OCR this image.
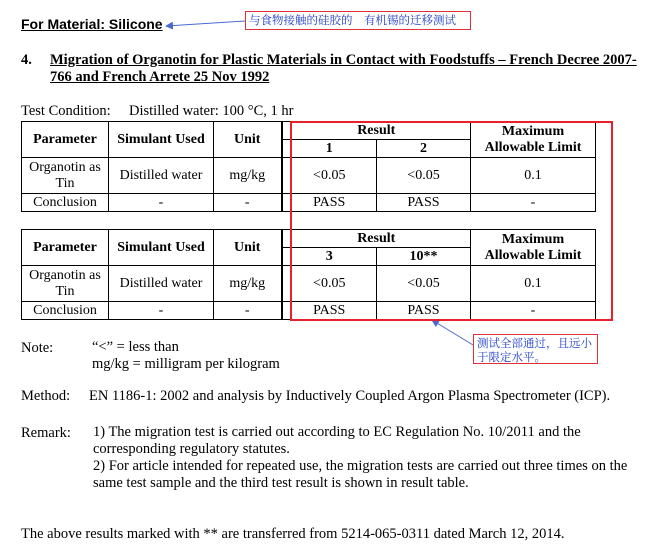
For Material: Silicone	与食物接触的硅胶的　有机锡的迁移测试
4. Migration of Organotin for Plastic Materials in Contact with Foodstuffs – French Decree 2007-766 and French Arrete 25 Nov 1992
Test Condition: Distilled water: 100 °C, 1 hr
Parameter	Simulant Used	Unit	Result		Maximum Allowable Limit
			1	2	
Organotin as Tin	Distilled water	mg/kg	<0.05	<0.05	0.1
Conclusion	-	-	PASS	PASS	-
Parameter	Simulant Used	Unit	Result		Maximum Allowable Limit
			3	10**	
Organotin as Tin	Distilled water	mg/kg	<0.05	<0.05	0.1
Conclusion	-	-	PASS	PASS	-
测试全部通过，且远小于限定水平。
Note:	“<” = less than
mg/kg = milligram per kilogram
Method: EN 1186-1: 2002 and analysis by Inductively Coupled Argon Plasma Spectrometer (ICP).
Remark: 1) The migration test is carried out according to EC Regulation No. 10/2011 and the corresponding regulatory statutes.
2) For article intended for repeated use, the migration tests are carried out three times on the same test sample and the third test result is shown in result table.
The above results marked with ** are transferred from 5214-065-0311 dated March 12, 2014.
